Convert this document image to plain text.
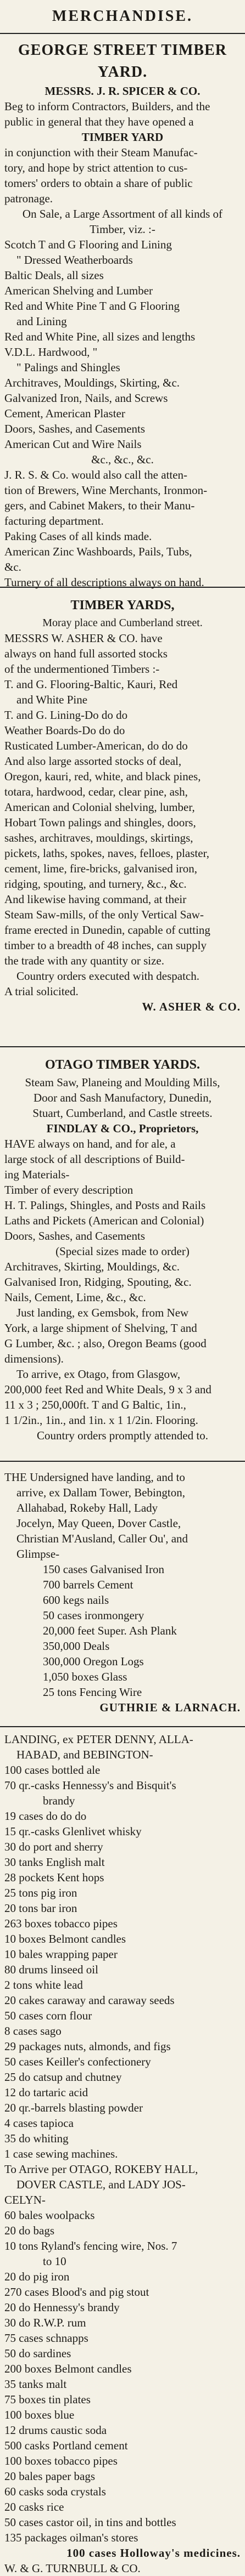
MERCHANDISE.
GEORGE STREET TIMBER YARD.
MESSRS. J. R. SPICER & CO.
Beg to inform Contractors, Builders, and the
public in general that they have opened a
TIMBER YARD
in conjunction with their Steam Manufac-
tory, and hope by strict attention to cus-
tomers' orders to obtain a share of public
patronage.
On Sale, a Large Assortment of all kinds of
Timber, viz. :-
Scotch T and G Flooring and Lining
" Dressed Weatherboards
Baltic Deals, all sizes
American Shelving and Lumber
Red and White Pine T and G Flooring
and Lining
Red and White Pine, all sizes and lengths
V.D.L. Hardwood, "
" Palings and Shingles
Architraves, Mouldings, Skirting, &c.
Galvanized Iron, Nails, and Screws
Cement, American Plaster
Doors, Sashes, and Casements
American Cut and Wire Nails
&c., &c., &c.
J. R. S. & Co. would also call the atten-
tion of Brewers, Wine Merchants, Ironmon-
gers, and Cabinet Makers, to their Manu-
facturing department.
Paking Cases of all kinds made.
American Zinc Washboards, Pails, Tubs,
&c.
Turnery of all descriptions always on hand.
TIMBER YARDS,
Moray place and Cumberland street.
MESSRS W. ASHER & CO. have
always on hand full assorted stocks
of the undermentioned Timbers :-
T. and G. Flooring-Baltic, Kauri, Red
and White Pine
T. and G. Lining-Do do do
Weather Boards-Do do do
Rusticated Lumber-American, do do do
And also large assorted stocks of deal,
Oregon, kauri, red, white, and black pines,
totara, hardwood, cedar, clear pine, ash,
American and Colonial shelving, lumber,
Hobart Town palings and shingles, doors,
sashes, architraves, mouldings, skirtings,
pickets, laths, spokes, naves, felloes, plaster,
cement, lime, fire-bricks, galvanised iron,
ridging, spouting, and turnery, &c., &c.
And likewise having command, at their
Steam Saw-mills, of the only Vertical Saw-
frame erected in Dunedin, capable of cutting
timber to a breadth of 48 inches, can supply
the trade with any quantity or size.
Country orders executed with despatch.
A trial solicited.
W. ASHER & CO.
OTAGO TIMBER YARDS.
Steam Saw, Planeing and Moulding Mills,
Door and Sash Manufactory, Dunedin,
Stuart, Cumberland, and Castle streets.
FINDLAY & CO., Proprietors,
HAVE always on hand, and for ale, a
large stock of all descriptions of Build-
ing Materials-
Timber of every description
H. T. Palings, Shingles, and Posts and Rails
Laths and Pickets (American and Colonial)
Doors, Sashes, and Casements
(Special sizes made to order)
Architraves, Skirting, Mouldings, &c.
Galvanised Iron, Ridging, Spouting, &c.
Nails, Cement, Lime, &c., &c.
Just landing, ex Gemsbok, from New
York, a large shipment of Shelving, T and
G Lumber, &c. ; also, Oregon Beams (good
dimensions).
To arrive, ex Otago, from Glasgow,
200,000 feet Red and White Deals, 9 x 3 and
11 x 3 ; 250,000ft. T and G Baltic, 1in.,
1 1/2in., 1in., and 1in. x 1 1/2in. Flooring.
Country orders promptly attended to.
THE Undersigned have landing, and to
arrive, ex Dallam Tower, Bebington,
Allahabad, Rokeby Hall, Lady
Jocelyn, May Queen, Dover Castle,
Christian M'Ausland, Caller Ou', and
Glimpse-
150 cases Galvanised Iron
700 barrels Cement
600 kegs nails
50 cases ironmongery
20,000 feet Super. Ash Plank
350,000 Deals
300,000 Oregon Logs
1,050 boxes Glass
25 tons Fencing Wire
GUTHRIE & LARNACH.
LANDING, ex PETER DENNY, ALLA-
HABAD, and BEBINGTON-
100 cases bottled ale
70 qr.-casks Hennessy's and Bisquit's
brandy
19 cases do do do
15 qr.-casks Glenlivet whisky
30 do port and sherry
30 tanks English malt
28 pockets Kent hops
25 tons pig iron
20 tons bar iron
263 boxes tobacco pipes
10 boxes Belmont candles
10 bales wrapping paper
80 drums linseed oil
2 tons white lead
20 cakes caraway and caraway seeds
50 cases corn flour
8 cases sago
29 packages nuts, almonds, and figs
50 cases Keiller's confectionery
25 do catsup and chutney
12 do tartaric acid
20 qr.-barrels blasting powder
4 cases tapioca
35 do whiting
1 case sewing machines.
To Arrive per OTAGO, ROKEBY HALL,
DOVER CASTLE, and LADY JOS-
CELYN-
60 bales woolpacks
20 do bags
10 tons Ryland's fencing wire, Nos. 7
to 10
20 do pig iron
270 cases Blood's and pig stout
20 do Hennessy's brandy
30 do R.W.P. rum
75 cases schnapps
50 do sardines
200 boxes Belmont candles
35 tanks malt
75 boxes tin plates
100 boxes blue
12 drums caustic soda
500 casks Portland cement
100 boxes tobacco pipes
20 bales paper bags
60 casks soda crystals
20 casks rice
50 cases castor oil, in tins and bottles
135 packages oilman's stores
100 cases Holloway's medicines.
W. & G. TURNBULL & CO.
